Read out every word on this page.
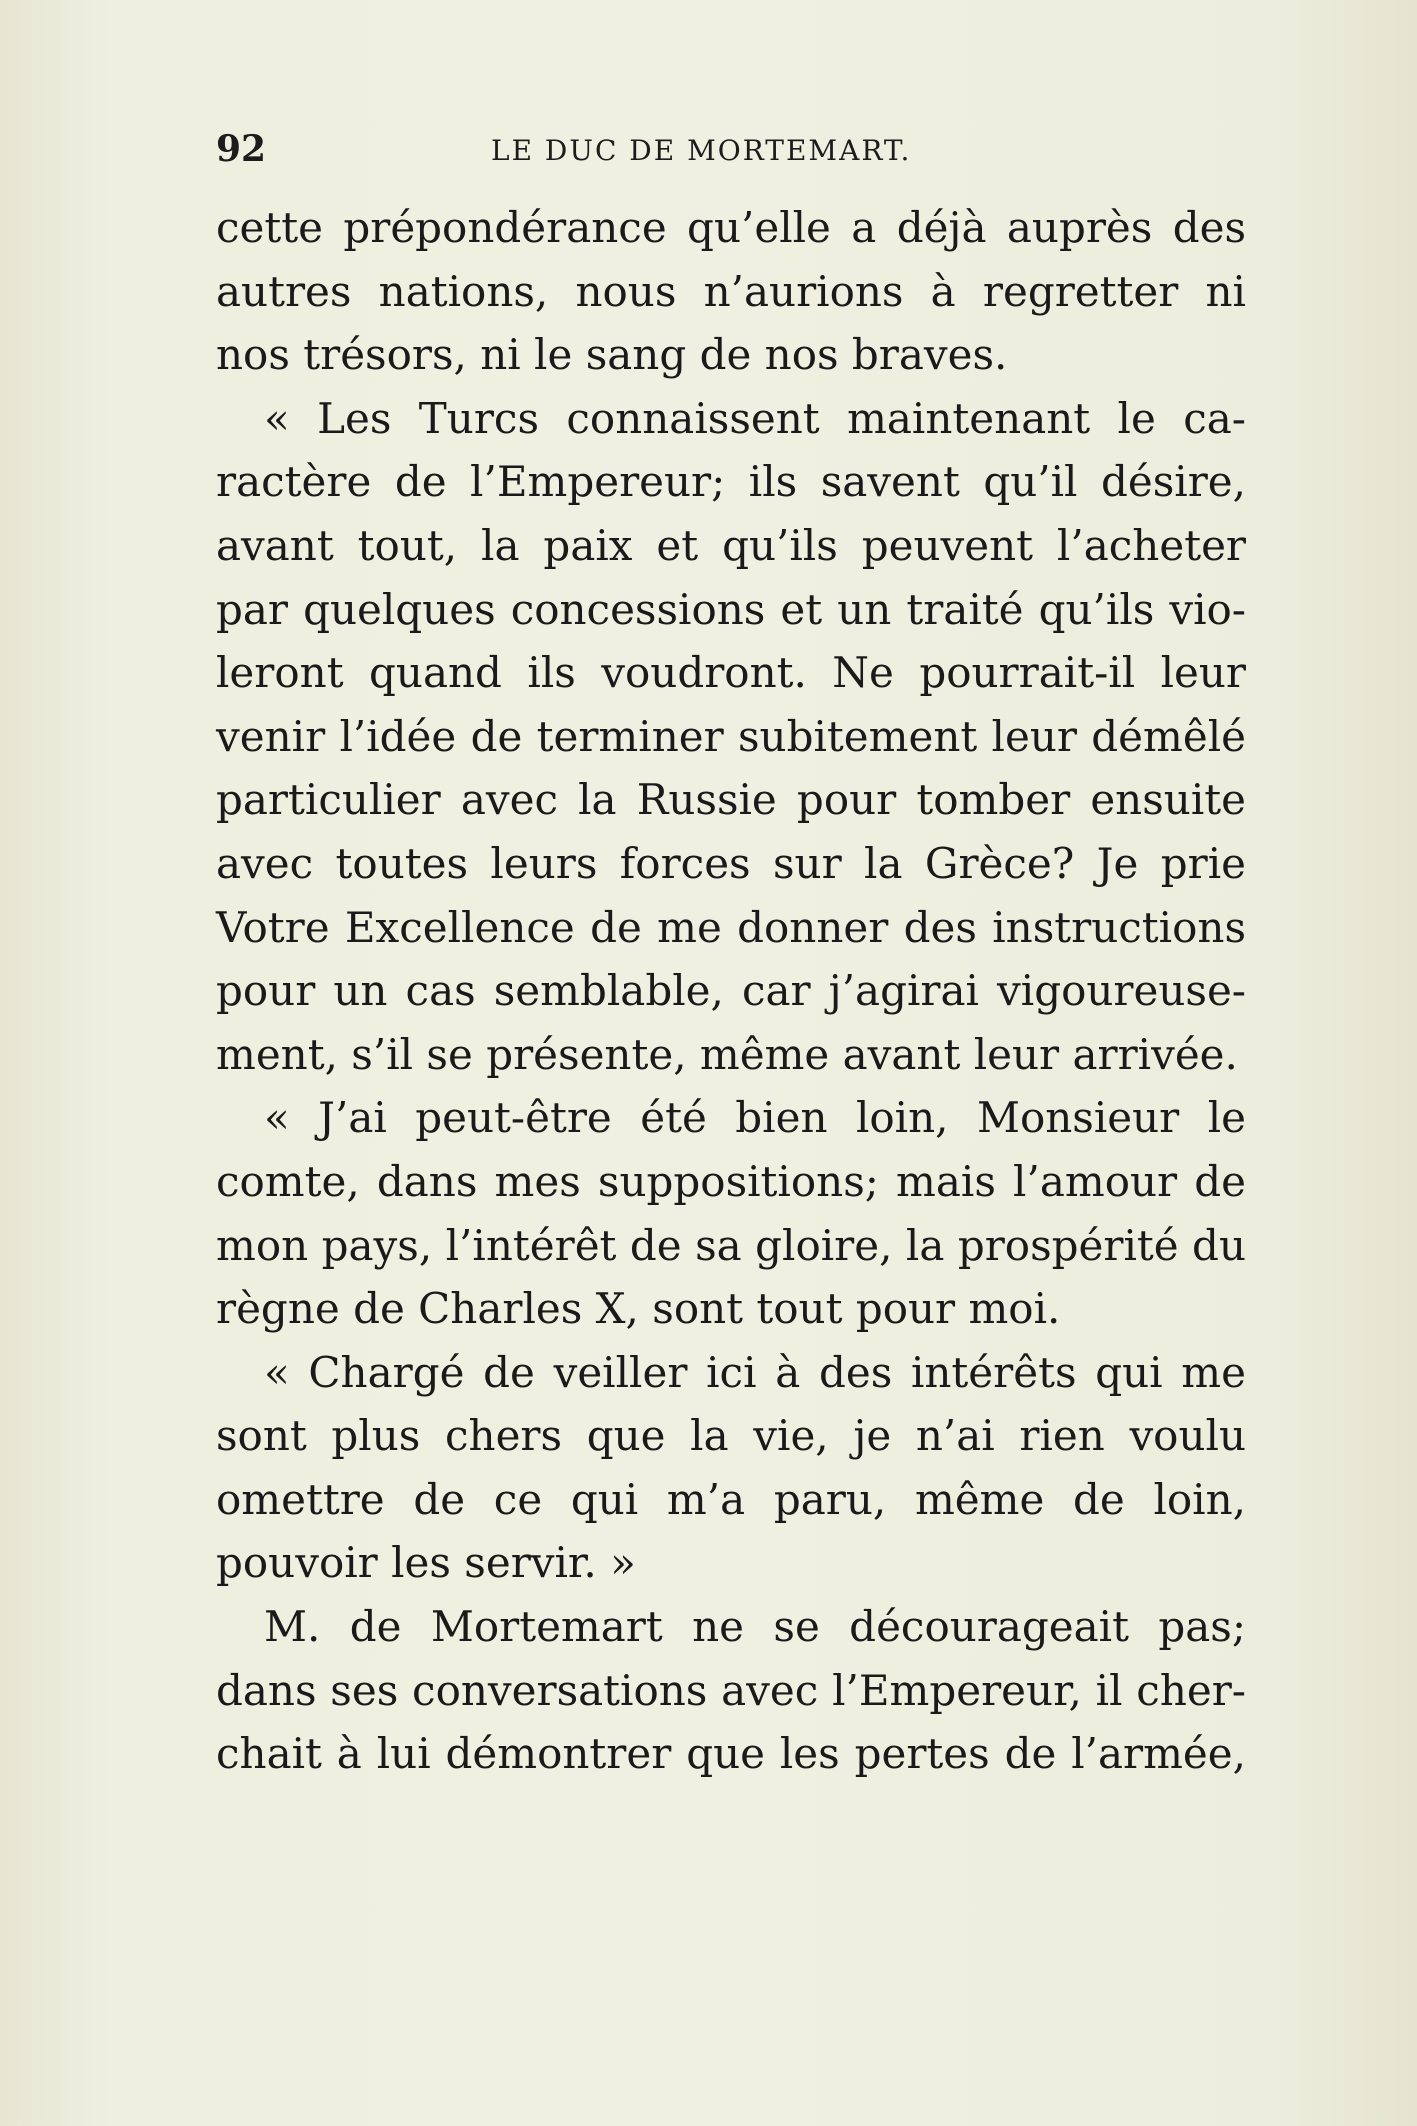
92	LE DUC DE MORTEMART.
cette prépondérance qu’elle a déjà auprès des
autres nations, nous n’aurions à regretter ni
nos trésors, ni le sang de nos braves.
« Les Turcs connaissent maintenant le ca-
ractère de l’Empereur; ils savent qu’il désire,
avant tout, la paix et qu’ils peuvent l’acheter
par quelques concessions et un traité qu’ils vio-
leront quand ils voudront. Ne pourrait-il leur
venir l’idée de terminer subitement leur démêlé
particulier avec la Russie pour tomber ensuite
avec toutes leurs forces sur la Grèce? Je prie
Votre Excellence de me donner des instructions
pour un cas semblable, car j’agirai vigoureuse-
ment, s’il se présente, même avant leur arrivée.
« J’ai peut-être été bien loin, Monsieur le
comte, dans mes suppositions; mais l’amour de
mon pays, l’intérêt de sa gloire, la prospérité du
règne de Charles X, sont tout pour moi.
« Chargé de veiller ici à des intérêts qui me
sont plus chers que la vie, je n’ai rien voulu
omettre de ce qui m’a paru, même de loin,
pouvoir les servir. »
M. de Mortemart ne se décourageait pas;
dans ses conversations avec l’Empereur, il cher-
chait à lui démontrer que les pertes de l’armée,
